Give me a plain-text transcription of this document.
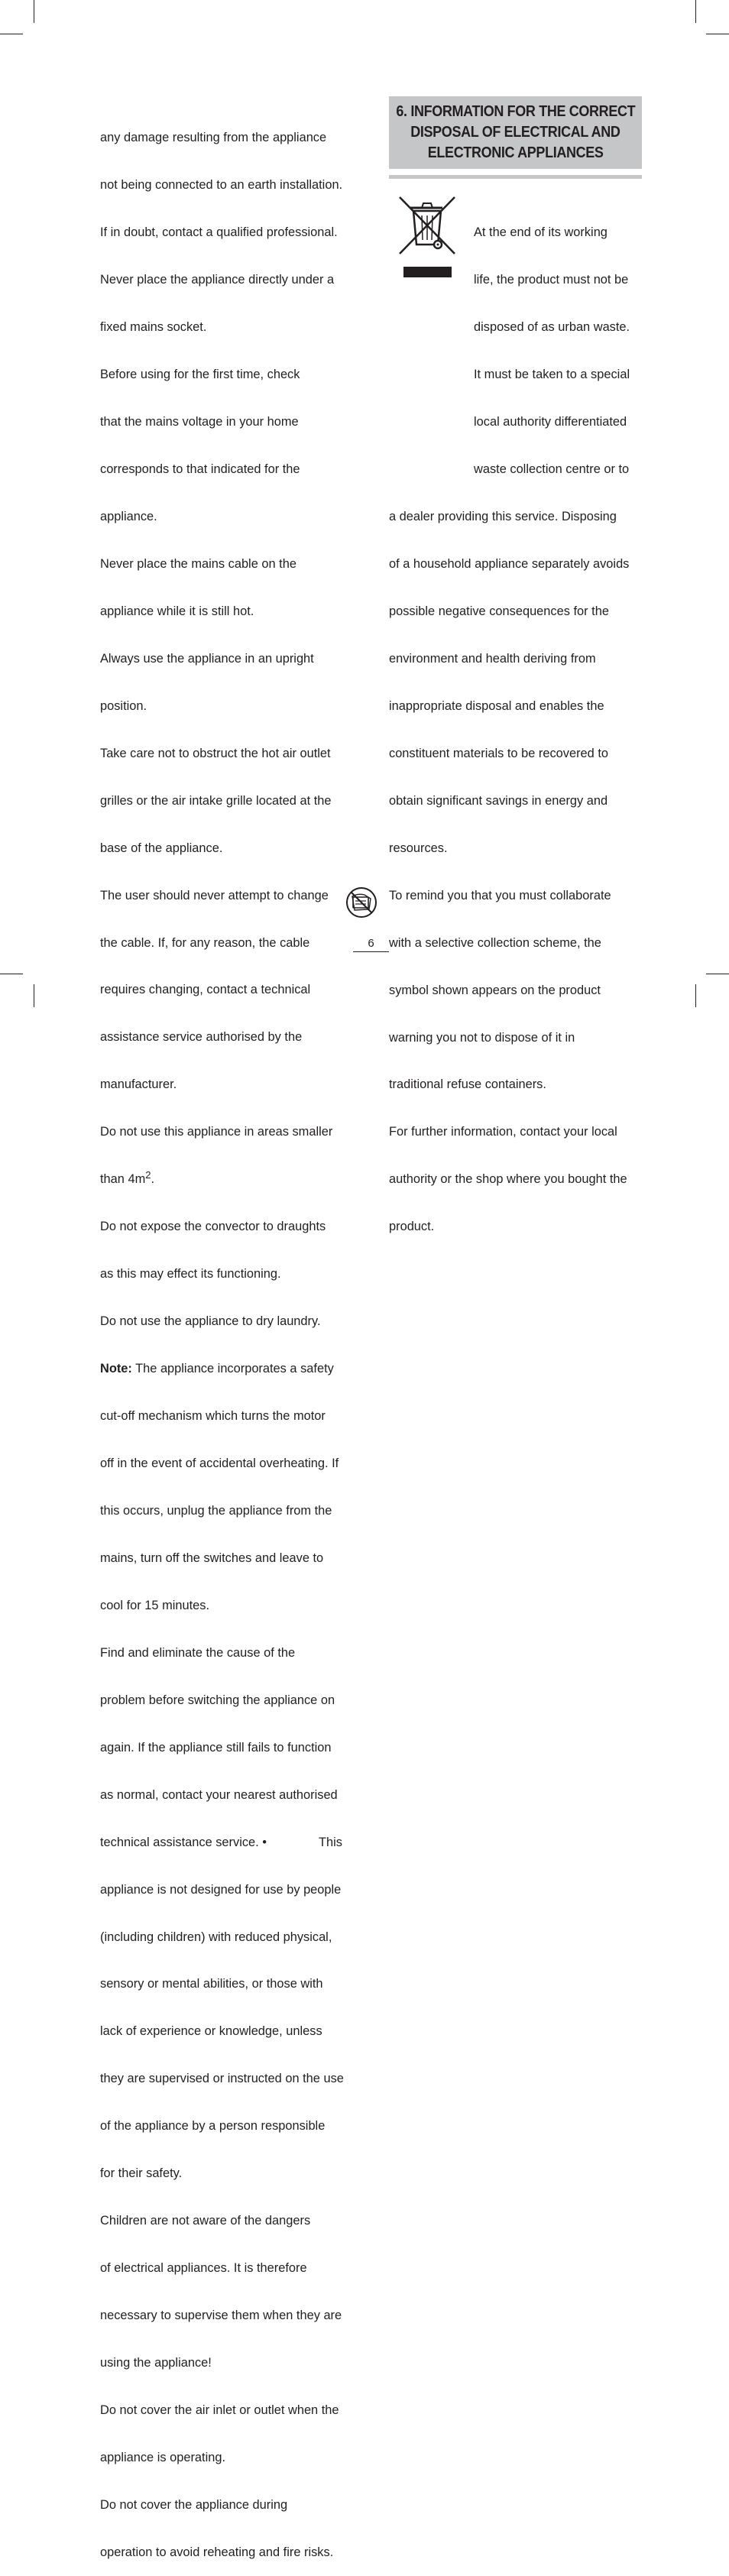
any damage resulting from the appliance

not being connected to an earth installation.

If in doubt, contact a qualified professional.

Never place the appliance directly under a

fixed mains socket.

Before using for the first time, check

that the mains voltage in your home

corresponds to that indicated for the

appliance.

Never place the mains cable on the

appliance while it is still hot.

Always use the appliance in an upright

position.

Take care not to obstruct the hot air outlet

grilles or the air intake grille located at the

base of the appliance.

The user should never attempt to change

the cable. If, for any reason, the cable

requires changing, contact a technical

assistance service authorised by the

manufacturer.

Do not use this appliance in areas smaller

than $4m^2$.

Do not expose the convector to draughts

as this may effect its functioning.

Do not use the appliance to dry laundry.

Note: The appliance incorporates a safety

cut-off mechanism which turns the motor

off in the event of accidental overheating. If

this occurs, unplug the appliance from the

mains, turn off the switches and leave to

cool for 15 minutes.

Find and eliminate the cause of the

problem before switching the appliance on

again. If the appliance still fails to function

as normal, contact your nearest authorised

technical assistance service. •               This

appliance is not designed for use by people

(including children) with reduced physical,

sensory or mental abilities, or those with

lack of experience or knowledge, unless

they are supervised or instructed on the use

of the appliance by a person responsible

for their safety.

Children are not aware of the dangers

of electrical appliances. It is therefore

necessary to supervise them when they are

using the appliance!

Do not cover the air inlet or outlet when the

appliance is operating.

Do not cover the appliance during

operation to avoid reheating and fire risks.

6. INFORMATION FOR THE CORRECT
DISPOSAL OF ELECTRICAL AND
ELECTRONIC APPLIANCES

At the end of its working

life, the product must not be

disposed of as urban waste.

It must be taken to a special

local authority differentiated

waste collection centre or to

a dealer providing this service. Disposing

of a household appliance separately avoids

possible negative consequences for the

environment and health deriving from

inappropriate disposal and enables the

constituent materials to be recovered to

obtain significant savings in energy and

resources.

To remind you that you must collaborate

with a selective collection scheme, the

symbol shown appears on the product

warning you not to dispose of it in

traditional refuse containers.

For further information, contact your local

authority or the shop where you bought the

product.

6
